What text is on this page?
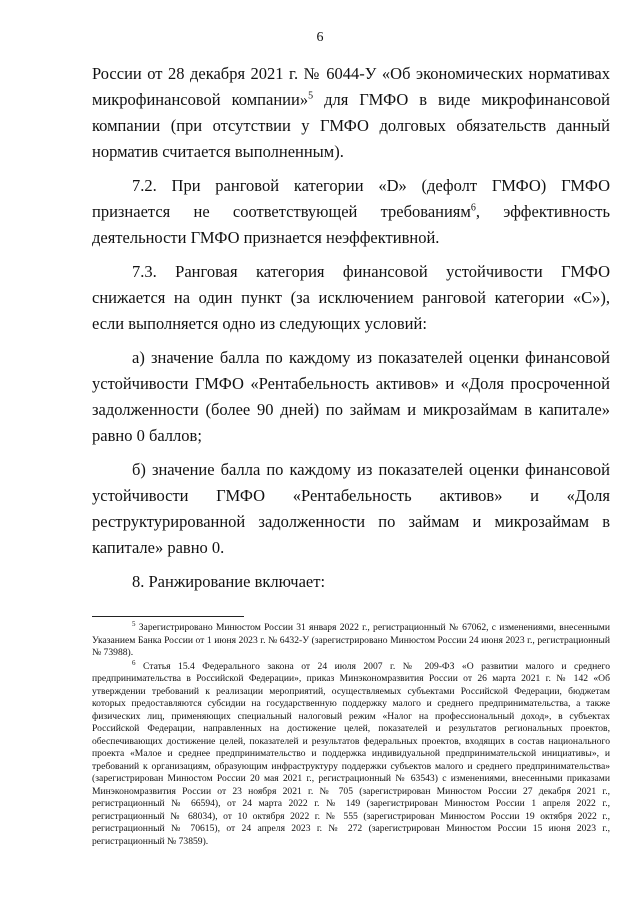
6

России от 28 декабря 2021 г. № 6044-У «Об экономических нормативах микрофинансовой компании»$^5$ для ГМФО в виде микрофинансовой компании (при отсутствии у ГМФО долговых обязательств данный норматив считается выполненным).

7.2. При ранговой категории «D» (дефолт ГМФО) ГМФО признается не соответствующей требованиям$^6$, эффективность деятельности ГМФО признается неэффективной.

7.3. Ранговая категория финансовой устойчивости ГМФО снижается на один пункт (за исключением ранговой категории «С»), если выполняется одно из следующих условий:

а) значение балла по каждому из показателей оценки финансовой устойчивости ГМФО «Рентабельность активов» и «Доля просроченной задолженности (более 90 дней) по займам и микрозаймам в капитале» равно 0 баллов;

б) значение балла по каждому из показателей оценки финансовой устойчивости ГМФО «Рентабельность активов» и «Доля реструктурированной задолженности по займам и микрозаймам в капитале» равно 0.

8. Ранжирование включает:

$^5$ Зарегистрировано Минюстом России 31 января 2022 г., регистрационный № 67062, с изменениями, внесенными Указанием Банка России от 1 июня 2023 г. № 6432-У (зарегистрировано Минюстом России 24 июня 2023 г., регистрационный № 73988).

$^6$ Статья 15.4 Федерального закона от 24 июля 2007 г. № 209-ФЗ «О развитии малого и среднего предпринимательства в Российской Федерации», приказ Минэкономразвития России от 26 марта 2021 г. № 142 «Об утверждении требований к реализации мероприятий, осуществляемых субъектами Российской Федерации, бюджетам которых предоставляются субсидии на государственную поддержку малого и среднего предпринимательства, а также физических лиц, применяющих специальный налоговый режим «Налог на профессиональный доход», в субъектах Российской Федерации, направленных на достижение целей, показателей и результатов региональных проектов, обеспечивающих достижение целей, показателей и результатов федеральных проектов, входящих в состав национального проекта «Малое и среднее предпринимательство и поддержка индивидуальной предпринимательской инициативы», и требований к организациям, образующим инфраструктуру поддержки субъектов малого и среднего предпринимательства» (зарегистрирован Минюстом России 20 мая 2021 г., регистрационный № 63543) с изменениями, внесенными приказами Минэкономразвития России от 23 ноября 2021 г. № 705 (зарегистрирован Минюстом России 27 декабря 2021 г., регистрационный № 66594), от 24 марта 2022 г. № 149 (зарегистрирован Минюстом России 1 апреля 2022 г., регистрационный № 68034), от 10 октября 2022 г. № 555 (зарегистрирован Минюстом России 19 октября 2022 г., регистрационный № 70615), от 24 апреля 2023 г. № 272 (зарегистрирован Минюстом России 15 июня 2023 г., регистрационный № 73859).
